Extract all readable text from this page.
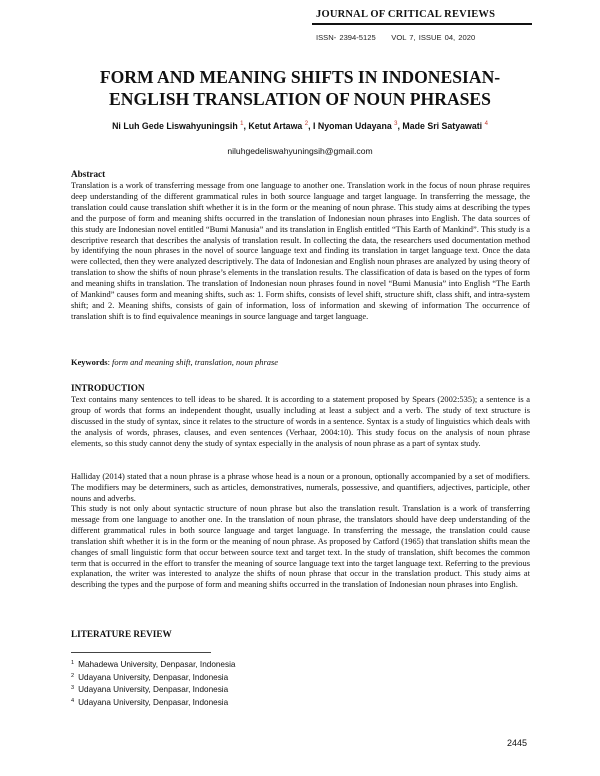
JOURNAL OF CRITICAL REVIEWS
ISSN- 2394-5125 VOL 7, ISSUE 04, 2020
FORM AND MEANING SHIFTS IN INDONESIAN-ENGLISH TRANSLATION OF NOUN PHRASES
Ni Luh Gede Liswahyuningsih $^1$, Ketut Artawa $^2$, I Nyoman Udayana $^3$, Made Sri Satyawati $^4$
niluhgedeliswahyuningsih@gmail.com
Abstract
Translation is a work of transferring message from one language to another one. Translation work in the focus of noun phrase requires deep understanding of the different grammatical rules in both source language and target language. In transferring the message, the translation could cause translation shift whether it is in the form or the meaning of noun phrase. This study aims at describing the types and the purpose of form and meaning shifts occurred in the translation of Indonesian noun phrases into English. The data sources of this study are Indonesian novel entitled “Bumi Manusia” and its translation in English entitled “This Earth of Mankind”. This study is a descriptive research that describes the analysis of translation result. In collecting the data, the researchers used documentation method by identifying the noun phrases in the novel of source language text and finding its translation in target language text. Once the data were collected, then they were analyzed descriptively. The data of Indonesian and English noun phrases are analyzed by using theory of translation to show the shifts of noun phrase’s elements in the translation results. The classification of data is based on the types of form and meaning shifts in translation. The translation of Indonesian noun phrases found in novel “Bumi Manusia” into English “The Earth of Mankind” causes form and meaning shifts, such as: 1. Form shifts, consists of level shift, structure shift, class shift, and intra-system shift; and 2. Meaning shifts, consists of gain of information, loss of information and skewing of information The occurrence of translation shift is to find equivalence meanings in source language and target language.
Keywords: form and meaning shift, translation, noun phrase
INTRODUCTION
Text contains many sentences to tell ideas to be shared. It is according to a statement proposed by Spears (2002:535); a sentence is a group of words that forms an independent thought, usually including at least a subject and a verb. The study of text structure is discussed in the study of syntax, since it relates to the structure of words in a sentence. Syntax is a study of linguistics which deals with the analysis of words, phrases, clauses, and even sentences (Verhaar, 2004:10). This study focus on the analysis of noun phrase elements, so this study cannot deny the study of syntax especially in the analysis of noun phrase as a part of syntax study.
Halliday (2014) stated that a noun phrase is a phrase whose head is a noun or a pronoun, optionally accompanied by a set of modifiers. The modifiers may be determiners, such as articles, demonstratives, numerals, possessive, and quantifiers, adjectives, participle, other nouns and adverbs.
This study is not only about syntactic structure of noun phrase but also the translation result. Translation is a work of transferring message from one language to another one. In the translation of noun phrase, the translators should have deep understanding of the different grammatical rules in both source language and target language. In transferring the message, the translation could cause translation shift whether it is in the form or the meaning of noun phrase. As proposed by Catford (1965) that translation shifts mean the changes of small linguistic form that occur between source text and target text. In the study of translation, shift becomes the common term that is occurred in the effort to transfer the meaning of source language text into the target language text. Referring to the previous explanation, the writer was interested to analyze the shifts of noun phrase that occur in the translation product. This study aims at describing the types and the purpose of form and meaning shifts occurred in the translation of Indonesian noun phrases into English.
LITERATURE REVIEW
$^1$ Mahadewa University, Denpasar, Indonesia
$^2$ Udayana University, Denpasar, Indonesia
$^3$ Udayana University, Denpasar, Indonesia
$^4$ Udayana University, Denpasar, Indonesia
2445
